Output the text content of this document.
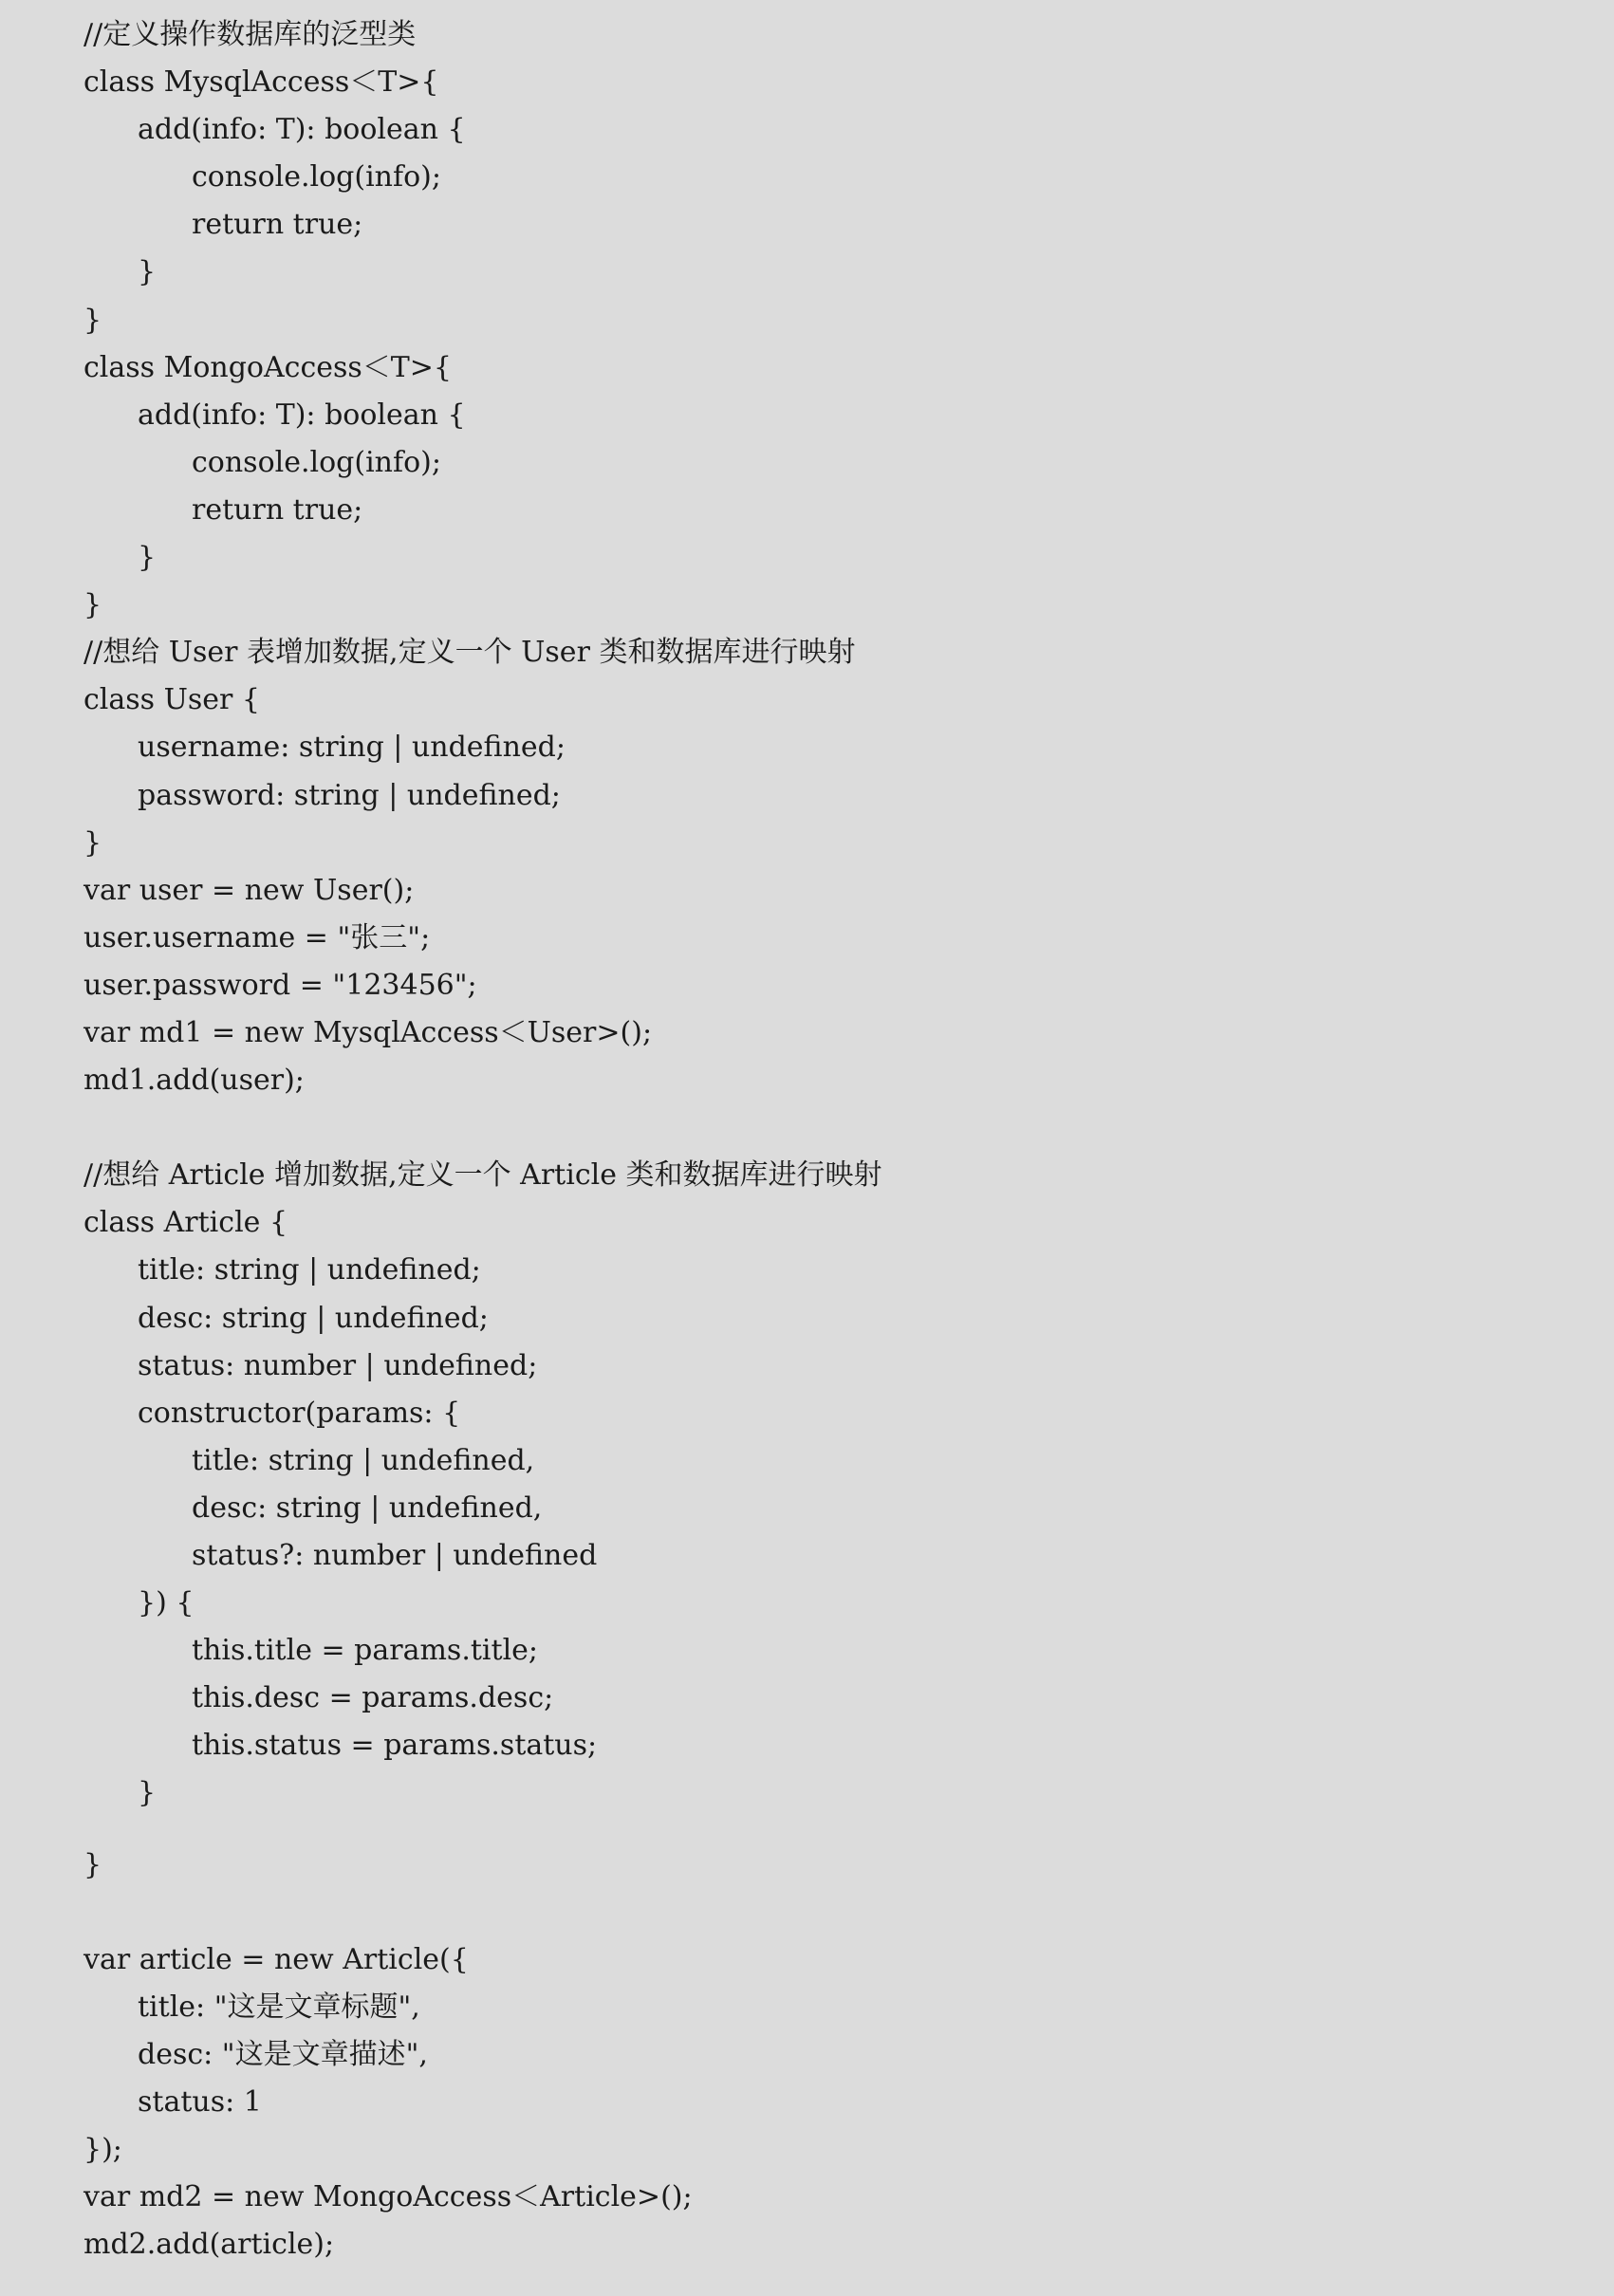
//定义操作数据库的泛型类
class MysqlAccess＜T>{
add(info: T): boolean {
console.log(info);
return true;
}
}
class MongoAccess＜T>{
add(info: T): boolean {
console.log(info);
return true;
}
}
//想给 User 表增加数据,定义一个 User 类和数据库进行映射
class User {
username: string | undefined;
password: string | undefined;
}
var user = new User();
user.username = "张三";
user.password = "123456";
var md1 = new MysqlAccess＜User>();
md1.add(user);
//想给 Article 增加数据,定义一个 Article 类和数据库进行映射
class Article {
title: string | undefined;
desc: string | undefined;
status: number | undefined;
constructor(params: {
title: string | undefined,
desc: string | undefined,
status?: number | undefined
}) {
this.title = params.title;
this.desc = params.desc;
this.status = params.status;
}
}
var article = new Article({
title: "这是文章标题",
desc: "这是文章描述",
status: 1
});
var md2 = new MongoAccess＜Article>();
md2.add(article);
